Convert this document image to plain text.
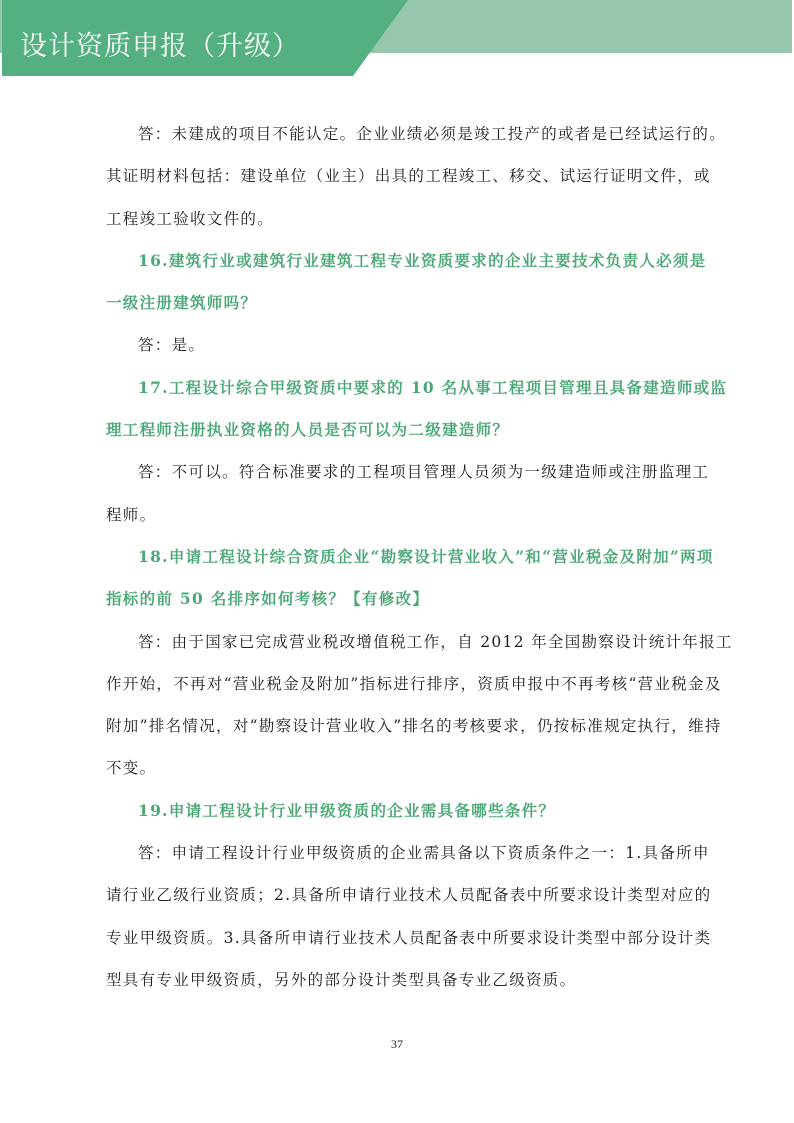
设计资质申报（升级）
答：未建成的项目不能认定。企业业绩必须是竣工投产的或者是已经试运行的。
其证明材料包括：建设单位（业主）出具的工程竣工、移交、试运行证明文件，或
工程竣工验收文件的。
16.建筑行业或建筑行业建筑工程专业资质要求的企业主要技术负责人必须是
一级注册建筑师吗？
答：是。
17.工程设计综合甲级资质中要求的 10 名从事工程项目管理且具备建造师或监
理工程师注册执业资格的人员是否可以为二级建造师？
答：不可以。符合标准要求的工程项目管理人员须为一级建造师或注册监理工
程师。
18.申请工程设计综合资质企业“勘察设计营业收入”和“营业税金及附加”两项
指标的前 50 名排序如何考核？【有修改】
答：由于国家已完成营业税改增值税工作，自 2012 年全国勘察设计统计年报工
作开始，不再对“营业税金及附加”指标进行排序，资质申报中不再考核“营业税金及
附加”排名情况，对“勘察设计营业收入”排名的考核要求，仍按标准规定执行，维持
不变。
19.申请工程设计行业甲级资质的企业需具备哪些条件？
答：申请工程设计行业甲级资质的企业需具备以下资质条件之一：1.具备所申
请行业乙级行业资质；2.具备所申请行业技术人员配备表中所要求设计类型对应的
专业甲级资质。3.具备所申请行业技术人员配备表中所要求设计类型中部分设计类
型具有专业甲级资质，另外的部分设计类型具备专业乙级资质。
37
